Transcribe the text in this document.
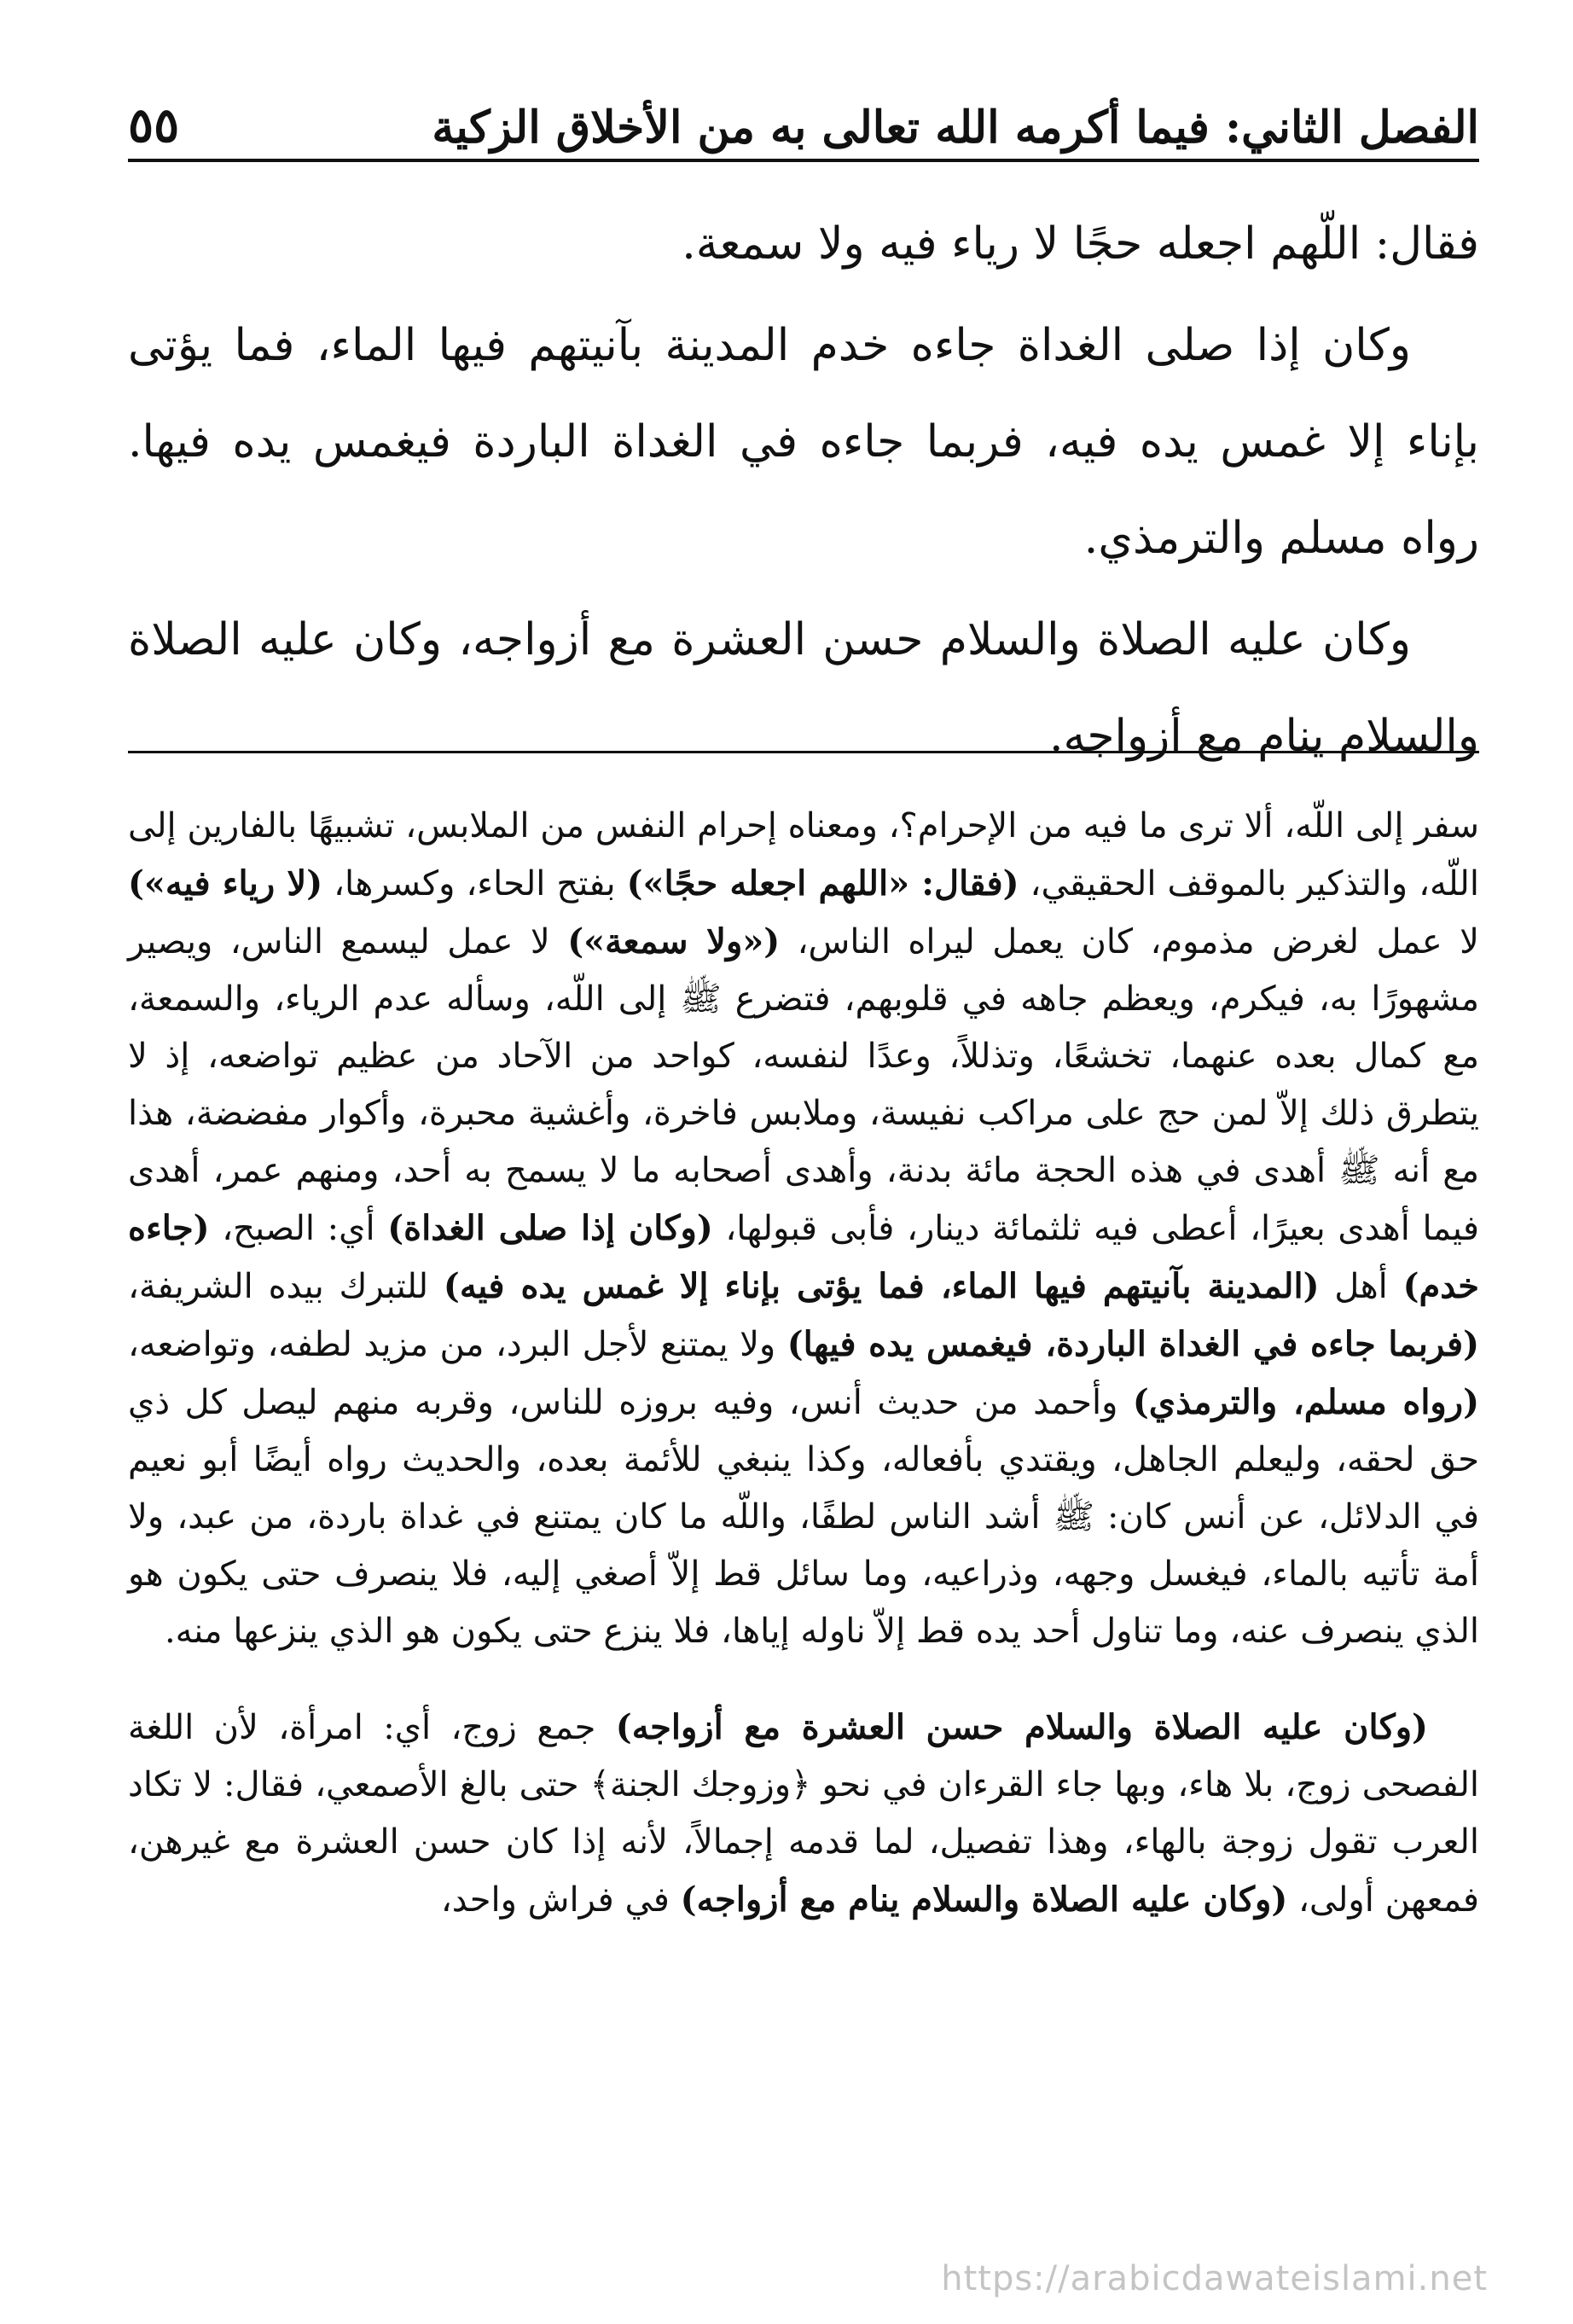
الفصل الثاني: فيما أكرمه الله تعالى به من الأخلاق الزكية
٥٥

فقال: اللّهم اجعله حجًا لا رياء فيه ولا سمعة.

وكان إذا صلى الغداة جاءه خدم المدينة بآنيتهم فيها الماء، فما يؤتى بإناء إلا غمس يده فيه، فربما جاءه في الغداة الباردة فيغمس يده فيها. رواه مسلم والترمذي.

وكان عليه الصلاة والسلام حسن العشرة مع أزواجه، وكان عليه الصلاة والسلام ينام مع أزواجه.

سفر إلى اللّه، ألا ترى ما فيه من الإحرام؟، ومعناه إحرام النفس من الملابس، تشبيهًا بالفارين إلى اللّه، والتذكير بالموقف الحقيقي، (فقال: «اللهم اجعله حجًا») بفتح الحاء، وكسرها، (لا رياء فيه») لا عمل لغرض مذموم، كان يعمل ليراه الناس، («ولا سمعة») لا عمل ليسمع الناس، ويصير مشهورًا به، فيكرم، ويعظم جاهه في قلوبهم، فتضرع ﷺ إلى اللّه، وسأله عدم الرياء، والسمعة، مع كمال بعده عنهما، تخشعًا، وتذللاً، وعدًا لنفسه، كواحد من الآحاد من عظيم تواضعه، إذ لا يتطرق ذلك إلاّ لمن حج على مراكب نفيسة، وملابس فاخرة، وأغشية محبرة، وأكوار مفضضة، هذا مع أنه ﷺ أهدى في هذه الحجة مائة بدنة، وأهدى أصحابه ما لا يسمح به أحد، ومنهم عمر، أهدى فيما أهدى بعيرًا، أعطى فيه ثلثمائة دينار، فأبى قبولها، (وكان إذا صلى الغداة) أي: الصبح، (جاءه خدم) أهل (المدينة بآنيتهم فيها الماء، فما يؤتى بإناء إلا غمس يده فيه) للتبرك بيده الشريفة، (فربما جاءه في الغداة الباردة، فيغمس يده فيها) ولا يمتنع لأجل البرد، من مزيد لطفه، وتواضعه، (رواه مسلم، والترمذي) وأحمد من حديث أنس، وفيه بروزه للناس، وقربه منهم ليصل كل ذي حق لحقه، وليعلم الجاهل، ويقتدي بأفعاله، وكذا ينبغي للأئمة بعده، والحديث رواه أيضًا أبو نعيم في الدلائل، عن أنس كان: ﷺ أشد الناس لطفًا، واللّه ما كان يمتنع في غداة باردة، من عبد، ولا أمة تأتيه بالماء، فيغسل وجهه، وذراعيه، وما سائل قط إلاّ أصغي إليه، فلا ينصرف حتى يكون هو الذي ينصرف عنه، وما تناول أحد يده قط إلاّ ناوله إياها، فلا ينزع حتى يكون هو الذي ينزعها منه.

(وكان عليه الصلاة والسلام حسن العشرة مع أزواجه) جمع زوج، أي: امرأة، لأن اللغة الفصحى زوج، بلا هاء، وبها جاء القرءان في نحو ﴿وزوجك الجنة﴾ حتى بالغ الأصمعي، فقال: لا تكاد العرب تقول زوجة بالهاء، وهذا تفصيل، لما قدمه إجمالاً، لأنه إذا كان حسن العشرة مع غيرهن، فمعهن أولى، (وكان عليه الصلاة والسلام ينام مع أزواجه) في فراش واحد،

https://arabicdawateislami.net
